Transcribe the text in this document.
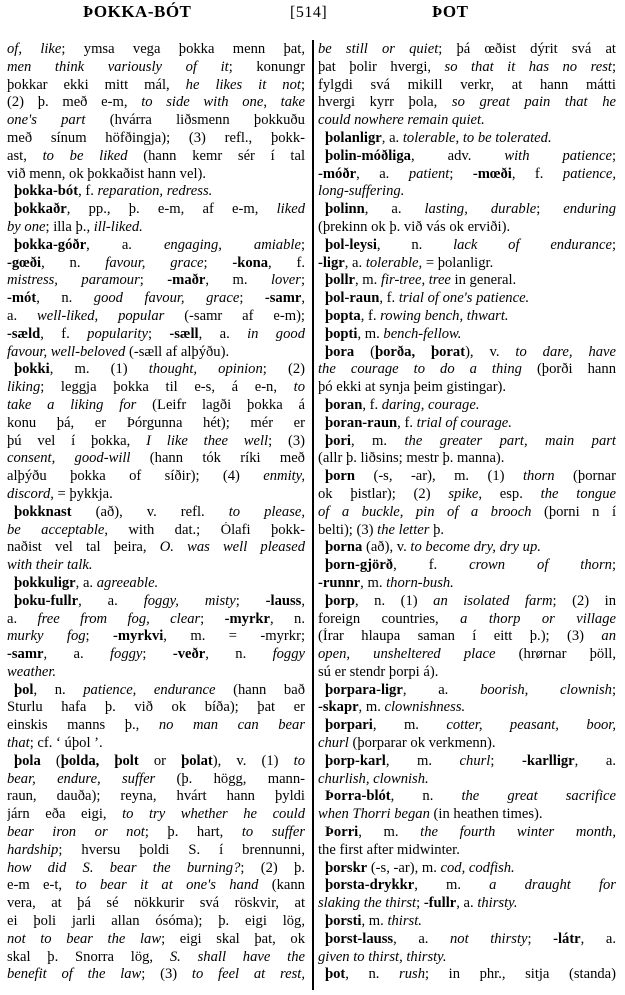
ÞOKKA-BÓT	[514]	ÞOT
of, like; ymsa vega þokka menn þat,
men think variously of it; konungr
þokkar ekki mitt mál, he likes it not;
(2) þ. með e-m, to side with one, take
one's part (hvárra liðsmenn þokkuðu
með sínum höfðingja); (3) refl., þokk-
ast, to be liked (hann kemr sér í tal
við menn, ok þokkaðist hann vel).
þokka-bót, f. reparation, redress.
þokkaðr, pp., þ. e-m, af e-m, liked
by one; illa þ., ill-liked.
þokka-góðr, a. engaging, amiable;
-gœði, n. favour, grace; -kona, f.
mistress, paramour; -maðr, m. lover;
-mót, n. good favour, grace; -samr,
a. well-liked, popular (-samr af e-m);
-sæld, f. popularity; -sæll, a. in good
favour, well-beloved (-sæll af alþýðu).
þokki, m. (1) thought, opinion; (2)
liking; leggja þokka til e-s, á e-n, to
take a liking for (Leifr lagði þokka á
konu þá, er Þórgunna hét); mér er
þú vel í þokka, I like thee well; (3)
consent, good-will (hann tók ríki með
alþýðu þokka of síðir); (4) enmity,
discord, = þykkja.
þokknast (að), v. refl. to please,
be acceptable, with dat.; Ólafi þokk-
naðist vel tal þeira, O. was well pleased
with their talk.
þokkuligr, a. agreeable.
þoku-fullr, a. foggy, misty; -lauss,
a. free from fog, clear; -myrkr, n.
murky fog; -myrkvi, m. = -myrkr;
-samr, a. foggy; -veðr, n. foggy
weather.
þol, n. patience, endurance (hann bað
Sturlu hafa þ. við ok bíða); þat er
einskis manns þ., no man can bear
that; cf. ‘ úþol ’.
þola (þolda, þolt or þolat), v. (1) to
bear, endure, suffer (þ. högg, mann-
raun, dauða); reyna, hvárt hann þyldi
járn eða eigi, to try whether he could
bear iron or not; þ. hart, to suffer
hardship; hversu þoldi S. í brennunni,
how did S. bear the burning?; (2) þ.
e-m e-t, to bear it at one's hand (kann
vera, at þá sé nökkurir svá röskvir, at
ei þoli jarli allan ósóma); þ. eigi lög,
not to bear the law; eigi skal þat, ok
skal þ. Snorra lög, S. shall have the
benefit of the law; (3) to feel at rest,
be still or quiet; þá œðist dýrit svá at
þat þolir hvergi, so that it has no rest;
fylgdi svá mikill verkr, at hann mátti
hvergi kyrr þola, so great pain that he
could nowhere remain quiet.
þolanligr, a. tolerable, to be tolerated.
þolin-móðliga, adv. with patience;
-móðr, a. patient; -mœði, f. patience,
long-suffering.
þolinn, a. lasting, durable; enduring
(þrekinn ok þ. við vás ok erviði).
þol-leysi, n. lack of endurance;
-ligr, a. tolerable, = þolanligr.
þollr, m. fir-tree, tree in general.
þol-raun, f. trial of one's patience.
þopta, f. rowing bench, thwart.
þopti, m. bench-fellow.
þora (þorða, þorat), v. to dare, have
the courage to do a thing (þorði hann
þó ekki at synja þeim gistingar).
þoran, f. daring, courage.
þoran-raun, f. trial of courage.
þori, m. the greater part, main part
(allr þ. liðsins; mestr þ. manna).
þorn (-s, -ar), m. (1) thorn (þornar
ok þistlar); (2) spike, esp. the tongue
of a buckle, pin of a brooch (þorni n í
belti); (3) the letter þ.
þorna (að), v. to become dry, dry up.
þorn-gjörð, f. crown of thorn;
-runnr, m. thorn-bush.
þorp, n. (1) an isolated farm; (2) in
foreign countries, a thorp or village
(Írar hlaupa saman í eitt þ.); (3) an
open, unsheltered place (hrørnar þöll,
sú er stendr þorpi á).
þorpara-ligr, a. boorish, clownish;
-skapr, m. clownishness.
þorpari, m. cotter, peasant, boor,
churl (þorparar ok verkmenn).
þorp-karl, m. churl; -karlligr, a.
churlish, clownish.
Þorra-blót, n. the great sacrifice
when Thorri began (in heathen times).
Þorri, m. the fourth winter month,
the first after midwinter.
þorskr (-s, -ar), m. cod, codfish.
þorsta-drykkr, m. a draught for
slaking the thirst; -fullr, a. thirsty.
þorsti, m. thirst.
þorst-lauss, a. not thirsty; -látr, a.
given to thirst, thirsty.
þot, n. rush; in phr., sitja (standa)
